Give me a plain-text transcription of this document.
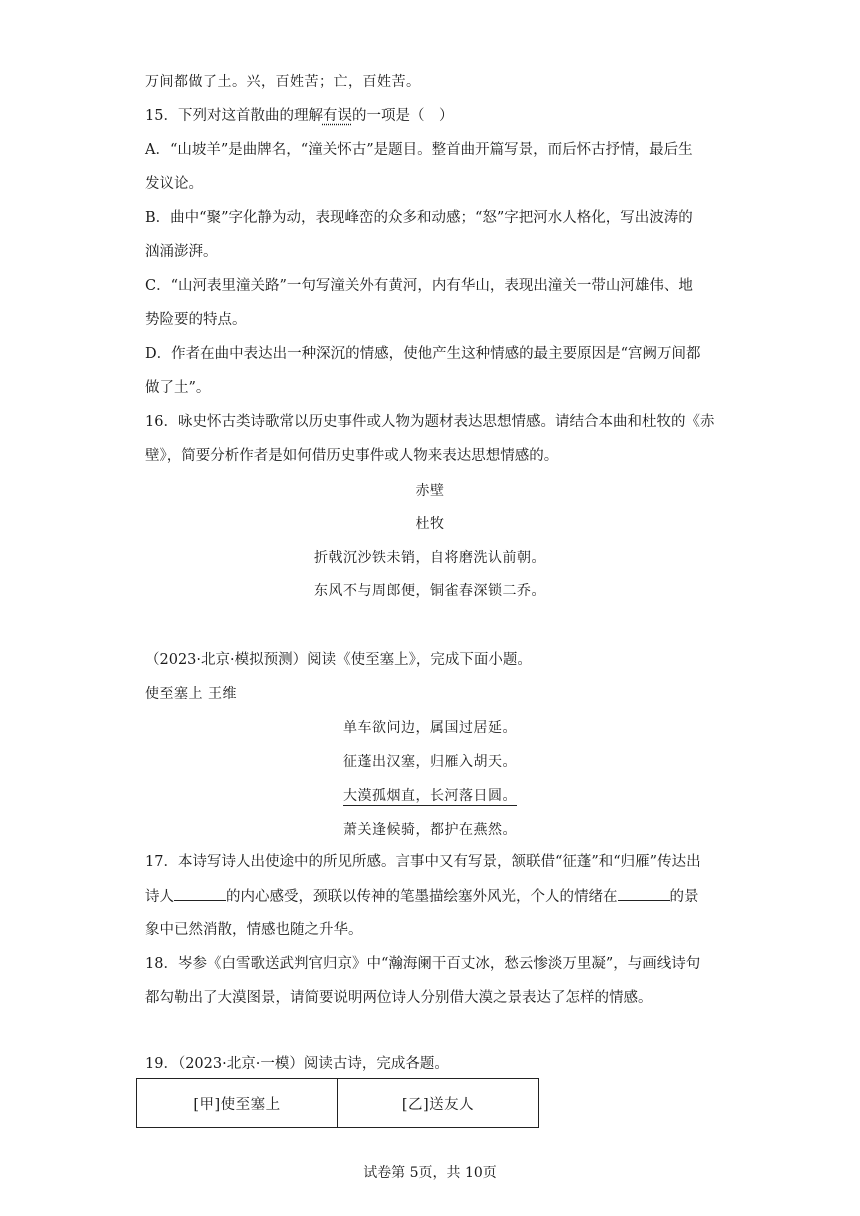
万间都做了土。兴，百姓苦；亡，百姓苦。
15．下列对这首散曲的理解有误的一项是（　）
A．“山坡羊”是曲牌名，“潼关怀古”是题目。整首曲开篇写景，而后怀古抒情，最后生
发议论。
B．曲中“聚”字化静为动，表现峰峦的众多和动感；“怒”字把河水人格化，写出波涛的
汹涌澎湃。
C．“山河表里潼关路”一句写潼关外有黄河，内有华山，表现出潼关一带山河雄伟、地
势险要的特点。
D．作者在曲中表达出一种深沉的情感，使他产生这种情感的最主要原因是“宫阙万间都
做了土”。
16．咏史怀古类诗歌常以历史事件或人物为题材表达思想情感。请结合本曲和杜牧的《赤
壁》，简要分析作者是如何借历史事件或人物来表达思想情感的。
赤壁
杜牧
折戟沉沙铁未销，自将磨洗认前朝。
东风不与周郎便，铜雀春深锁二乔。
（2023·北京·模拟预测）阅读《使至塞上》，完成下面小题。
使至塞上 王维
单车欲问边，属国过居延。
征蓬出汉塞，归雁入胡天。
大漠孤烟直，长河落日圆。
萧关逢候骑，都护在燕然。
17．本诗写诗人出使途中的所见所感。言事中又有写景，颔联借“征蓬”和“归雁”传达出
诗人	的内心感受，颈联以传神的笔墨描绘塞外风光，个人的情绪在	的景
象中已然消散，情感也随之升华。
18．岑参《白雪歌送武判官归京》中“瀚海阑干百丈冰，愁云惨淡万里凝”，与画线诗句
都勾勒出了大漠图景，请简要说明两位诗人分别借大漠之景表达了怎样的情感。
19．（2023·北京·一模）阅读古诗，完成各题。
[甲]使至塞上	[乙]送友人
试卷第 5页，共 10页
